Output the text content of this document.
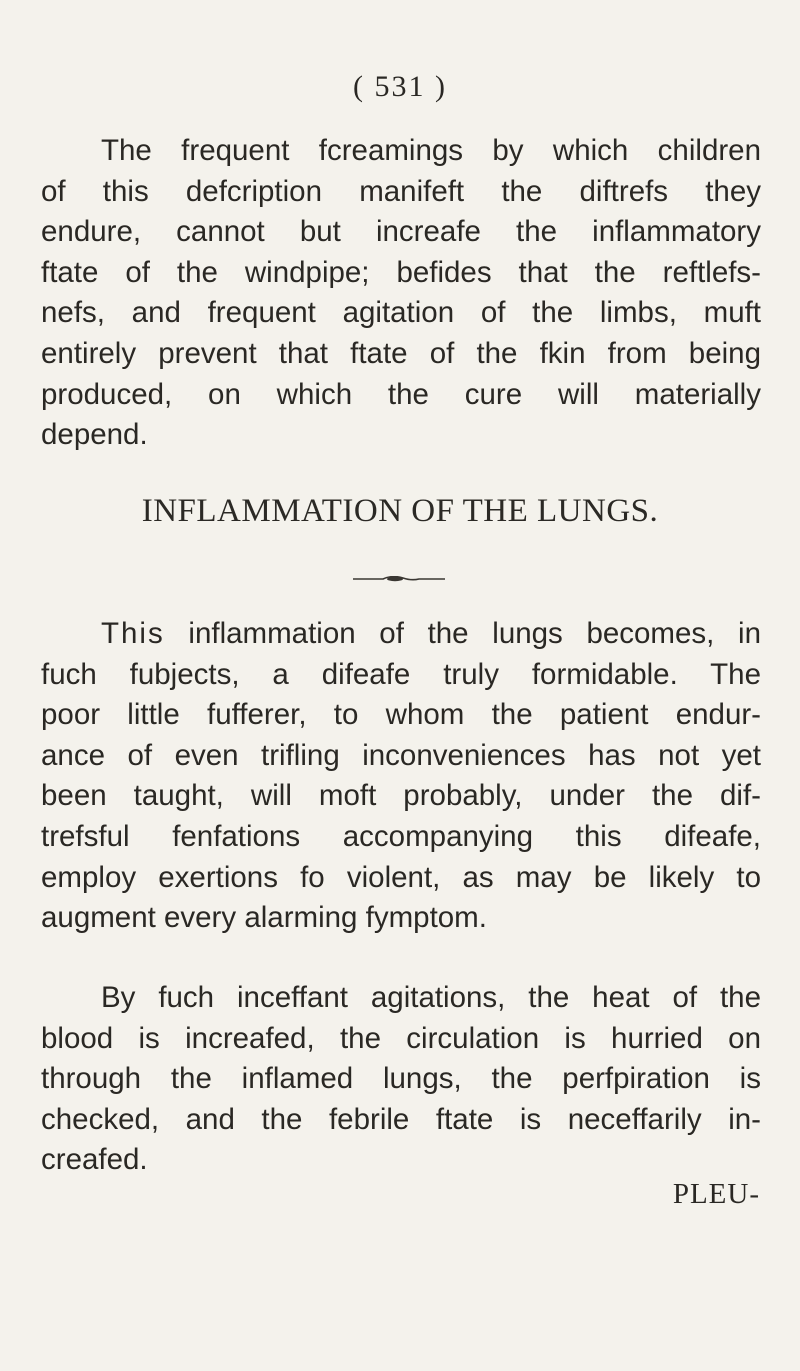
( 531 )
The frequent fcreamings by which children
of this defcription manifeft the diftrefs they
endure, cannot but increafe the inflammatory
ftate of the windpipe; befides that the reftlefs-
nefs, and frequent agitation of the limbs, muft
entirely prevent that ftate of the fkin from being
produced, on which the cure will materially
depend.
INFLAMMATION OF THE LUNGS.
This inflammation of the lungs becomes, in
fuch fubjects, a difeafe truly formidable. The
poor little fufferer, to whom the patient endur-
ance of even trifling inconveniences has not yet
been taught, will moft probably, under the dif-
trefsful fenfations accompanying this difeafe,
employ exertions fo violent, as may be likely to
augment every alarming fymptom.
By fuch inceffant agitations, the heat of the
blood is increafed, the circulation is hurried on
through the inflamed lungs, the perfpiration is
checked, and the febrile ftate is neceffarily in-
creafed.
PLEU-
